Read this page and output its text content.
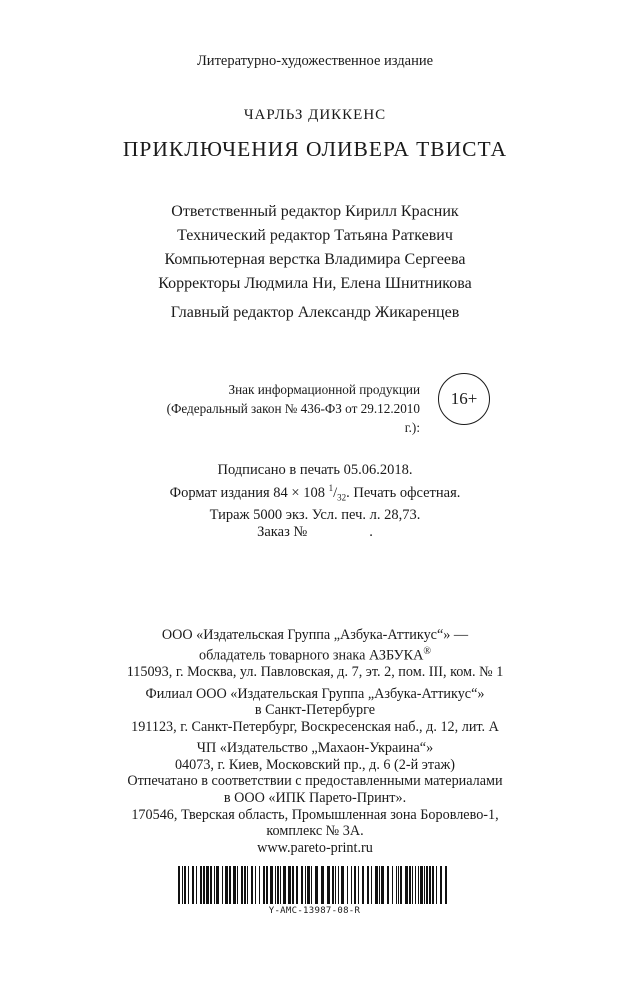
Литературно-художественное издание
ЧАРЛЬЗ ДИККЕНС
ПРИКЛЮЧЕНИЯ ОЛИВЕРА ТВИСТА
Ответственный редактор Кирилл Красник
Технический редактор Татьяна Раткевич
Компьютерная верстка Владимира Сергеева
Корректоры Людмила Ни, Елена Шнитникова
Главный редактор Александр Жикаренцев
Знак информационной продукции
(Федеральный закон № 436-ФЗ от 29.12.2010 г.):
16+
Подписано в печать 05.06.2018.
Формат издания 84 × 108 $^1/_{32}$. Печать офсетная.
Тираж 5000 экз. Усл. печ. л. 28,73.
Заказ №	.
ООО «Издательская Группа „Азбука-Аттикус“» —
обладатель товарного знака АЗБУКА®
115093, г. Москва, ул. Павловская, д. 7, эт. 2, пом. III, ком. № 1
Филиал ООО «Издательская Группа „Азбука-Аттикус“»
в Санкт-Петербурге
191123, г. Санкт-Петербург, Воскресенская наб., д. 12, лит. А
ЧП «Издательство „Махаон-Украина“»
04073, г. Киев, Московский пр., д. 6 (2-й этаж)
Отпечатано в соответствии с предоставленными материалами
в ООО «ИПК Парето-Принт».
170546, Тверская область, Промышленная зона Боровлево-1,
комплекс № 3А.
www.pareto-print.ru
Y-AMC-13987-08-R
